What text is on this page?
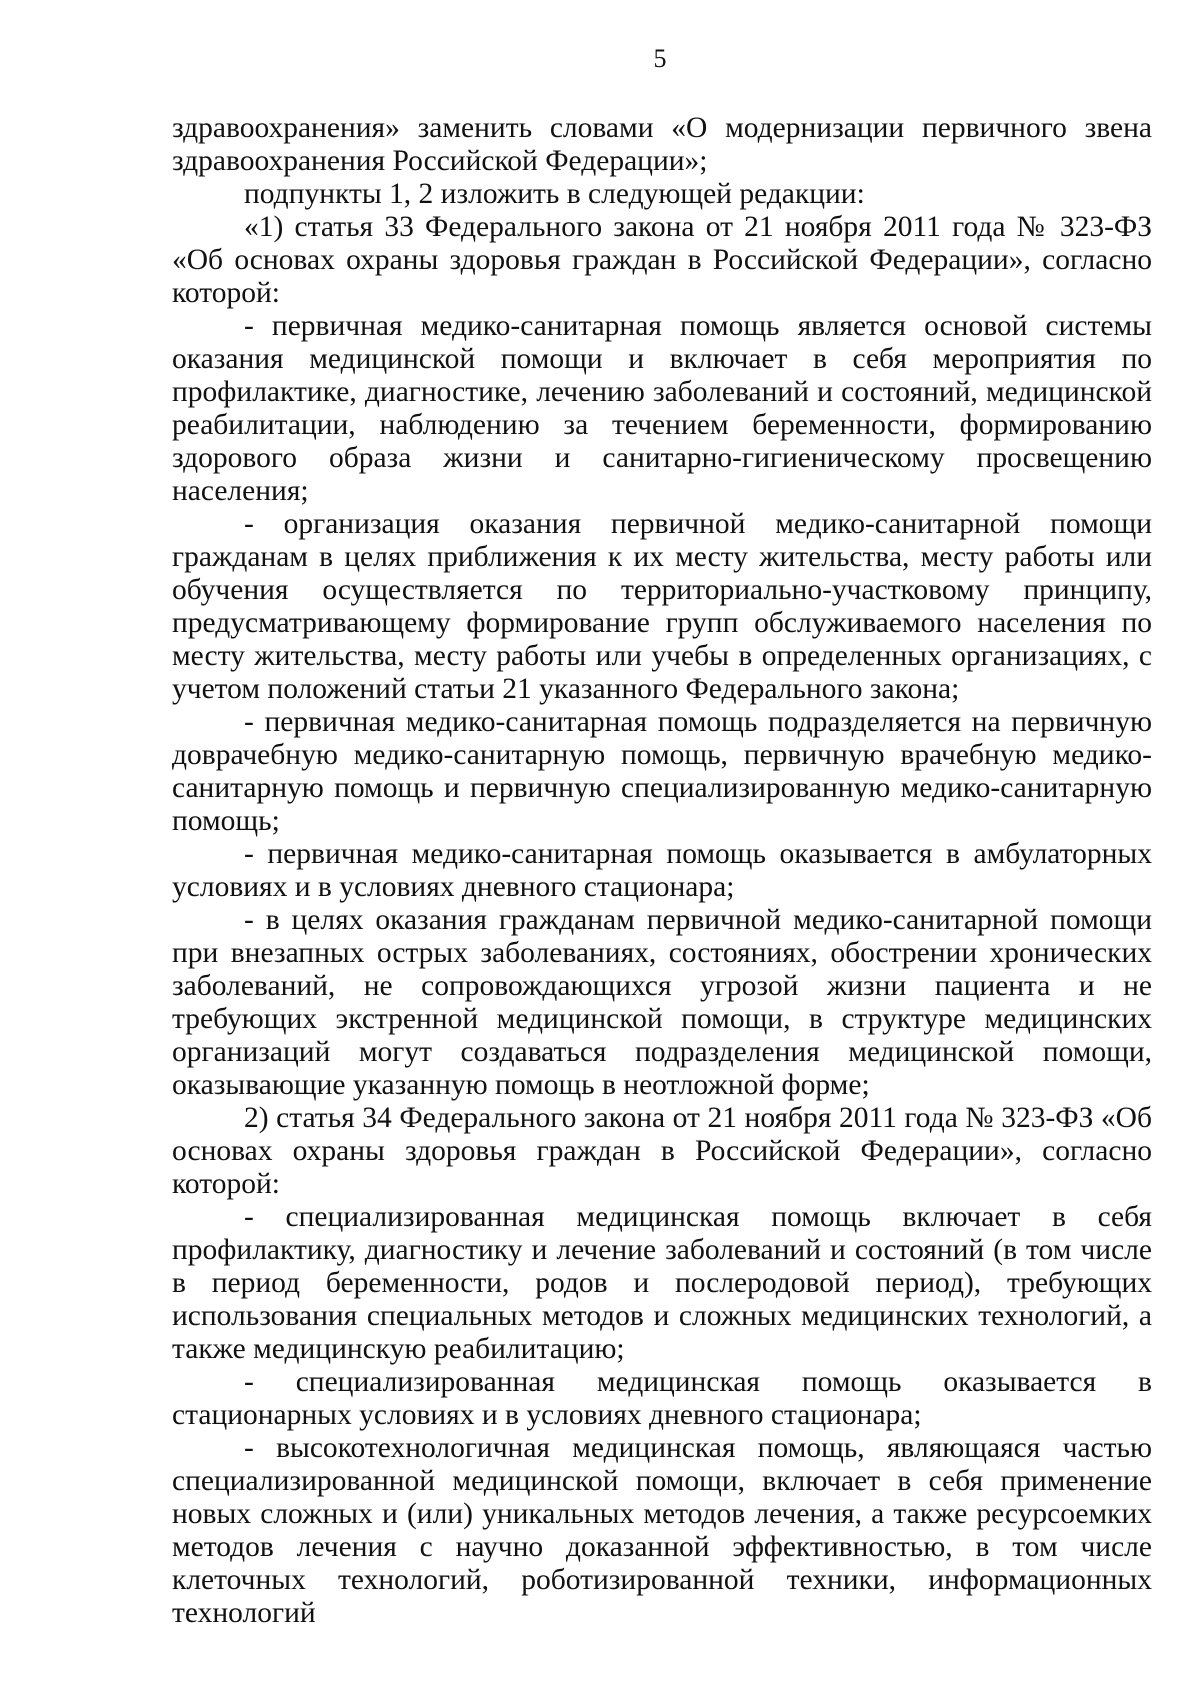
5

здравоохранения» заменить словами «О модернизации первичного звена здравоохранения Российской Федерации»;

подпункты 1, 2 изложить в следующей редакции:

«1) статья 33 Федерального закона от 21 ноября 2011 года № 323-ФЗ «Об основах охраны здоровья граждан в Российской Федерации», согласно которой:

- первичная медико-санитарная помощь является основой системы оказания медицинской помощи и включает в себя мероприятия по профилактике, диагностике, лечению заболеваний и состояний, медицинской реабилитации, наблюдению за течением беременности, формированию здорового образа жизни и санитарно-гигиеническому просвещению населения;

- организация оказания первичной медико-санитарной помощи гражданам в целях приближения к их месту жительства, месту работы или обучения осуществляется по территориально-участковому принципу, предусматривающему формирование групп обслуживаемого населения по месту жительства, месту работы или учебы в определенных организациях, с учетом положений статьи 21 указанного Федерального закона;

- первичная медико-санитарная помощь подразделяется на первичную доврачебную медико-санитарную помощь, первичную врачебную медико-санитарную помощь и первичную специализированную медико-санитарную помощь;

- первичная медико-санитарная помощь оказывается в амбулаторных условиях и в условиях дневного стационара;

- в целях оказания гражданам первичной медико-санитарной помощи при внезапных острых заболеваниях, состояниях, обострении хронических заболеваний, не сопровождающихся угрозой жизни пациента и не требующих экстренной медицинской помощи, в структуре медицинских организаций могут создаваться подразделения медицинской помощи, оказывающие указанную помощь в неотложной форме;

2) статья 34 Федерального закона от 21 ноября 2011 года № 323-ФЗ «Об основах охраны здоровья граждан в Российской Федерации», согласно которой:

- специализированная медицинская помощь включает в себя профилактику, диагностику и лечение заболеваний и состояний (в том числе в период беременности, родов и послеродовой период), требующих использования специальных методов и сложных медицинских технологий, а также медицинскую реабилитацию;

- специализированная медицинская помощь оказывается в стационарных условиях и в условиях дневного стационара;

- высокотехнологичная медицинская помощь, являющаяся частью специализированной медицинской помощи, включает в себя применение новых сложных и (или) уникальных методов лечения, а также ресурсоемких методов лечения с научно доказанной эффективностью, в том числе клеточных технологий, роботизированной техники, информационных технологий
